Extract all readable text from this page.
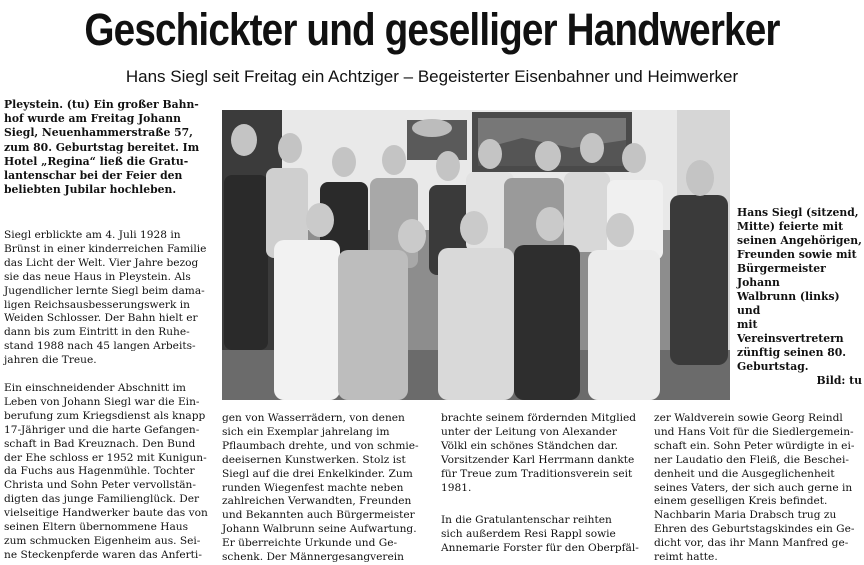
Geschickter und geselliger Handwerker
Hans Siegl seit Freitag ein Achtziger – Begeisterter Eisenbahner und Heimwerker
Pleystein. (tu) Ein großer Bahn-
hof wurde am Freitag Johann
Siegl, Neuenhammerstraße 57,
zum 80. Geburtstag bereitet. Im
Hotel „Regina“ ließ die Gratu-
lantenschar bei der Feier den
beliebten Jubilar hochleben.
Siegl erblickte am 4. Juli 1928 in
Brünst in einer kinderreichen Familie
das Licht der Welt. Vier Jahre bezog
sie das neue Haus in Pleystein. Als
Jugendlicher lernte Siegl beim dama-
ligen Reichsausbesserungswerk in
Weiden Schlosser. Der Bahn hielt er
dann bis zum Eintritt in den Ruhe-
stand 1988 nach 45 langen Arbeits-
jahren die Treue.
Ein einschneidender Abschnitt im
Leben von Johann Siegl war die Ein-
berufung zum Kriegsdienst als knapp
17-Jähriger und die harte Gefangen-
schaft in Bad Kreuznach. Den Bund
der Ehe schloss er 1952 mit Kunigun-
da Fuchs aus Hagenmühle. Tochter
Christa und Sohn Peter vervollstän-
digten das junge Familienglück. Der
vielseitige Handwerker baute das von
seinen Eltern übernommene Haus
zum schmucken Eigenheim aus. Sei-
ne Steckenpferde waren das Anferti-
gen von Wasserrädern, von denen
sich ein Exemplar jahrelang im
Pflaumbach drehte, und von schmie-
deeisernen Kunstwerken. Stolz ist
Siegl auf die drei Enkelkinder. Zum
runden Wiegenfest machte neben
zahlreichen Verwandten, Freunden
und Bekannten auch Bürgermeister
Johann Walbrunn seine Aufwartung.
Er überreichte Urkunde und Ge-
schenk. Der Männergesangverein
brachte seinem fördernden Mitglied
unter der Leitung von Alexander
Völkl ein schönes Ständchen dar.
Vorsitzender Karl Herrmann dankte
für Treue zum Traditionsverein seit
1981.
In die Gratulantenschar reihten
sich außerdem Resi Rappl sowie
Annemarie Forster für den Oberpfäl-
zer Waldverein sowie Georg Reindl
und Hans Voit für die Siedlergemein-
schaft ein. Sohn Peter würdigte in ei-
ner Laudatio den Fleiß, die Beschei-
denheit und die Ausgeglichenheit
seines Vaters, der sich auch gerne in
einem geselligen Kreis befindet.
Nachbarin Maria Drabsch trug zu
Ehren des Geburtstagskindes ein Ge-
dicht vor, das ihr Mann Manfred ge-
reimt hatte.

Hans Siegl (sitzend,
Mitte) feierte mit
seinen Angehörigen,
Freunden sowie mit
Bürgermeister Johann
Walbrunn (links) und
mit Vereinsvertretern
zünftig seinen 80.
Geburtstag.

Bild: tu
